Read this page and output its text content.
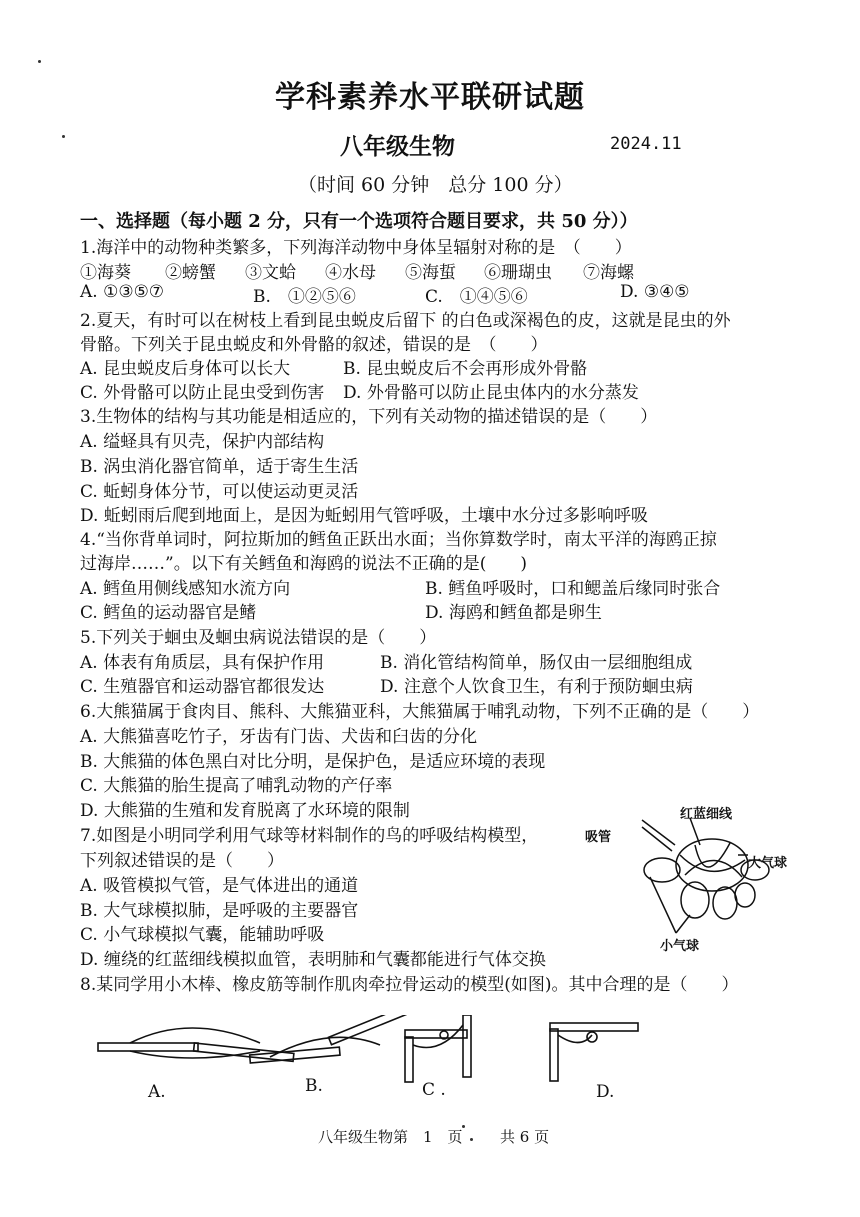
学科素养水平联研试题
八年级生物	2024.11
（时间 60 分钟　总分 100 分）
一、选择题（每小题 2 分，只有一个选项符合题目要求，共 50 分））
1.海洋中的动物种类繁多，下列海洋动物中身体呈辐射对称的是　（　　）
①海葵 ②螃蟹 ③文蛤 ④水母 ⑤海蜇 ⑥珊瑚虫 ⑦海螺
A. ①③⑤⑦	B.　①②⑤⑥	C.　①④⑤⑥	D. ③④⑤
2.夏天，有时可以在树枝上看到昆虫蜕皮后留下 的白色或深褐色的皮，这就是昆虫的外
骨骼。下列关于昆虫蜕皮和外骨骼的叙述，错误的是　（　　）
A. 昆虫蜕皮后身体可以长大	B. 昆虫蜕皮后不会再形成外骨骼
C. 外骨骼可以防止昆虫受到伤害 D. 外骨骼可以防止昆虫体内的水分蒸发
3.生物体的结构与其功能是相适应的，下列有关动物的描述错误的是（　　）
A. 缢蛏具有贝壳，保护内部结构
B. 涡虫消化器官简单，适于寄生生活
C. 蚯蚓身体分节，可以使运动更灵活
D. 蚯蚓雨后爬到地面上，是因为蚯蚓用气管呼吸，土壤中水分过多影响呼吸
4.“当你背单词时，阿拉斯加的鳕鱼正跃出水面；当你算数学时，南太平洋的海鸥正掠
过海岸……”。以下有关鳕鱼和海鸥的说法不正确的是(　　)
A. 鳕鱼用侧线感知水流方向	B. 鳕鱼呼吸时，口和鳃盖后缘同时张合
C. 鳕鱼的运动器官是鳍	D. 海鸥和鳕鱼都是卵生
5.下列关于蛔虫及蛔虫病说法错误的是（　　）
A. 体表有角质层，具有保护作用	B. 消化管结构简单，肠仅由一层细胞组成
C. 生殖器官和运动器官都很发达	D. 注意个人饮食卫生，有利于预防蛔虫病
6.大熊猫属于食肉目、熊科、大熊猫亚科，大熊猫属于哺乳动物，下列不正确的是（　　）
A. 大熊猫喜吃竹子，牙齿有门齿、犬齿和臼齿的分化
B. 大熊猫的体色黑白对比分明，是保护色，是适应环境的表现
C. 大熊猫的胎生提高了哺乳动物的产仔率
D. 大熊猫的生殖和发育脱离了水环境的限制
7.如图是小明同学利用气球等材料制作的鸟的呼吸结构模型，
下列叙述错误的是（　　）
A. 吸管模拟气管，是气体进出的通道
B. 大气球模拟肺，是呼吸的主要器官
C. 小气球模拟气囊，能辅助呼吸
D. 缠绕的红蓝细线模拟血管，表明肺和气囊都能进行气体交换
红蓝细线
吸管
大气球
小气球
8.某同学用小木棒、橡皮筋等制作肌肉牵拉骨运动的模型(如图)。其中合理的是（　　）
A.	B.	C .	D.
八年级生物第　1　页 共 6 页
